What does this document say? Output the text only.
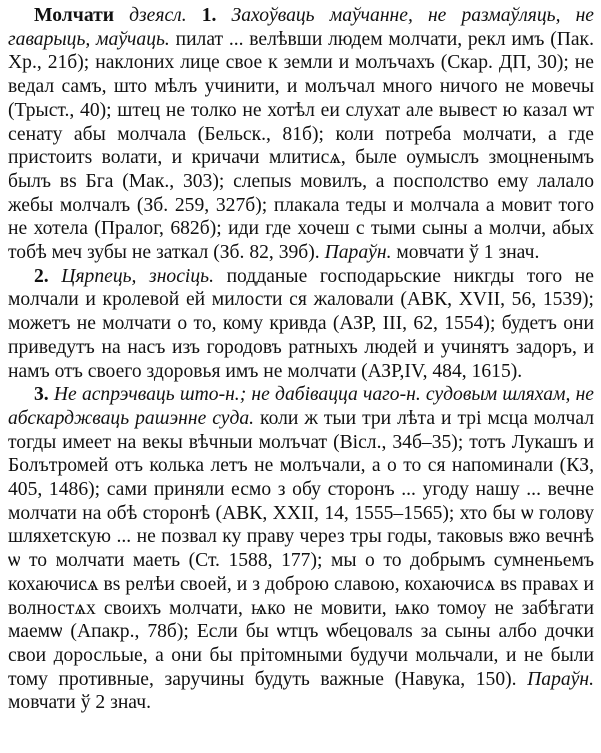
Молчати дзеясл. 1. Захоўваць маўчанне, не размаўляць, не гаварыць, маўчаць. пилат ... велѣвши людем молчати, рекл имъ (Пак. Хр., 21б); наклониx лице свое к земли и молъчахъ (Скар. ДП, 30); не ведал самъ, што мѣлъ учинити, и молъчал много ничого не мовечы (Трыст., 40); штец не толко не хотѣл еи слухат але вывест ю казал ѡт сенату абы молчала (Бельск., 81б); коли потреба молчати, а где пристоитѕ волати, и кричачи млитисѧ, быле оумыслъ змоцненымъ былъ вѕ Бга (Мак., 303); слепыѕ мовилъ, а посполство ему лалало жебы молчалъ (Зб. 259, 327б); плакала теды и молчала а мовит того не хотела (Пралог, 682б); иди где хочеш с тыми сыны а молчи, абых тобѣ меч зубы не заткал (Зб. 82, 39б). Параўн. мовчати ў 1 знач.

2. Цярпець, зносіць. подданые господарьские никгды того не молчали и кролевой ей милости ся жаловали (АВК, XVII, 56, 1539); можетъ не молчати о то, кому кривда (АЗР, III, 62, 1554); будетъ они приведутъ на насъ изъ городовъ ратныхъ людей и учинятъ задоръ, и намъ отъ своего здоровья имъ не молчати (АЗР,IV, 484, 1615).

3. Не аспрэчваць што-н.; не дабівацца чаго-н. судовым шляхам, не абскарджваць рашэнне суда. коли ж тыи три лѣта и трі мсца молчал тогды имеет на векы вѣчныи молъчат (Вісл., 34б–35); тотъ Лукашъ и Болътромей отъ колька летъ не молъчали, а о то ся напоминали (КЗ, 405, 1486); сами приняли есмо з обу сторонъ ... угоду нашу ... вечне молчати на обѣ сторонѣ (АВК, XXII, 14, 1555–1565); хто бы ѡ голову шляхетскую ... не позвал ку праву через тры годы, таковыѕ вжо вечнѣ ѡ то молчати маеть (Ст. 1588, 177); мы о то добрымъ сумненьемъ кохаючисѧ вѕ релѣи своей, и з доброю славою, кохаючисѧ вѕ правах и волностѧх своихъ молчати, ѩко не мовити, ѩко томоу не забѣгати маемѡ (Апакр., 78б); Если бы ѡтцъ ѡбецовалѕ за сыны албо дочки свои доросльые, а они бы прітомными будучи мольчали, и не были тому противные, заручины будуть важные (Навука, 150). Параўн. мовчати ў 2 знач.
